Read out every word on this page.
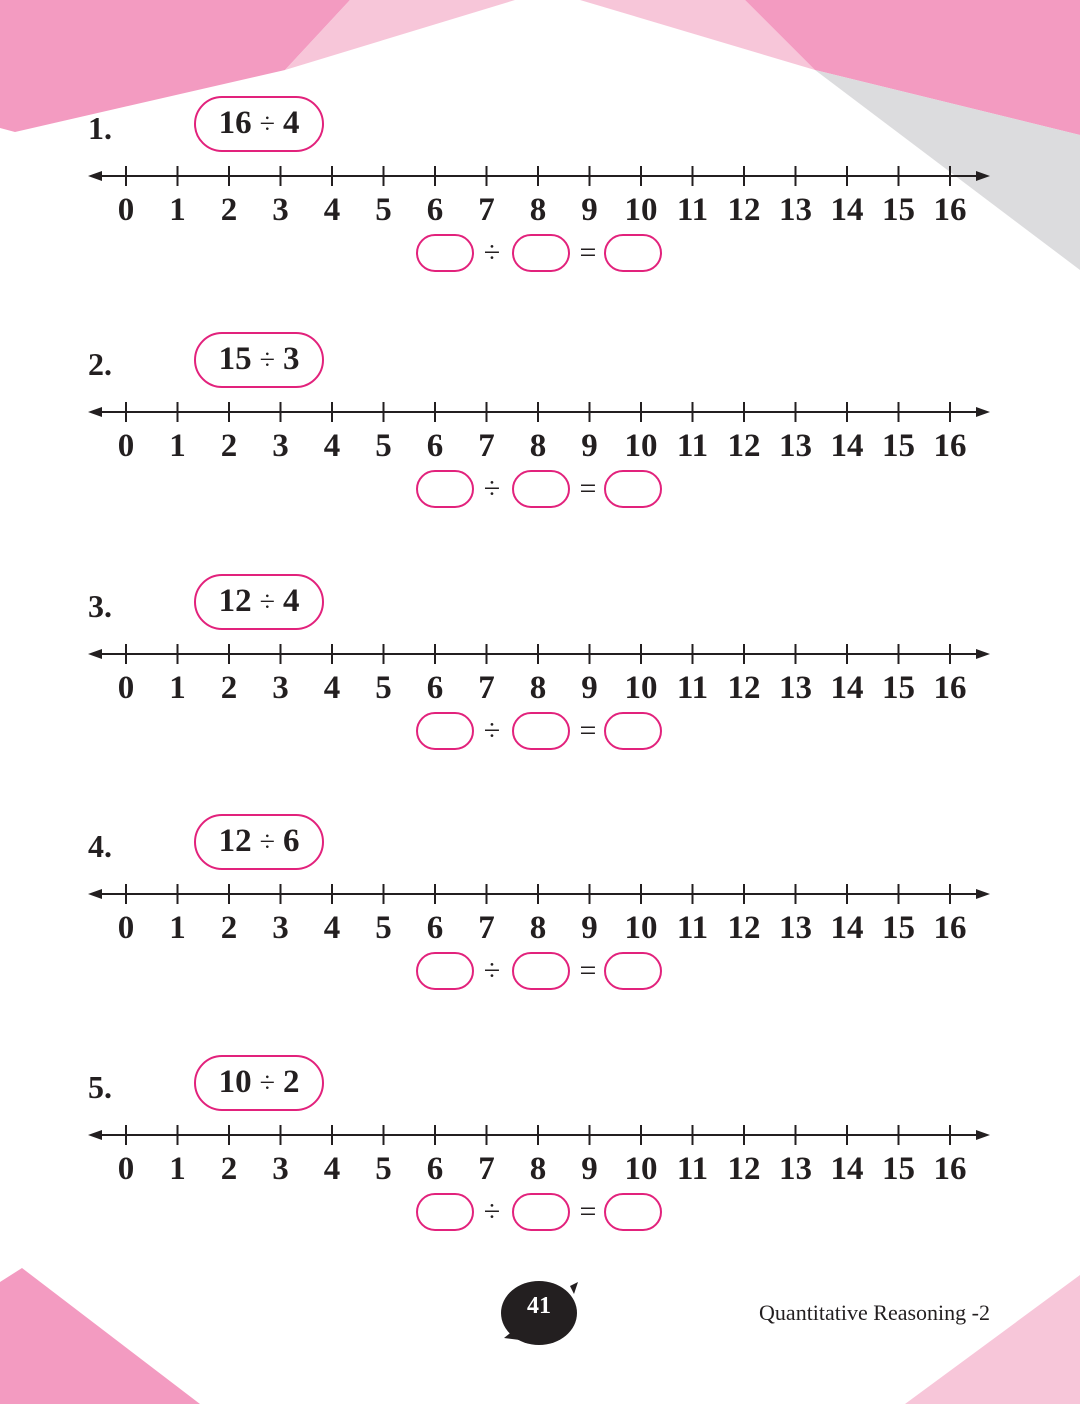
1.	16 ÷ 4
0 1 2 3 4 5 6 7 8 9 10 11 12 13 14 15 16
÷	=
2.	15 ÷ 3
0 1 2 3 4 5 6 7 8 9 10 11 12 13 14 15 16
÷	=
3.	12 ÷ 4
0 1 2 3 4 5 6 7 8 9 10 11 12 13 14 15 16
÷	=
4.	12 ÷ 6
0 1 2 3 4 5 6 7 8 9 10 11 12 13 14 15 16
÷	=
5.	10 ÷ 2
0 1 2 3 4 5 6 7 8 9 10 11 12 13 14 15 16
÷	=
41	Quantitative Reasoning -2
